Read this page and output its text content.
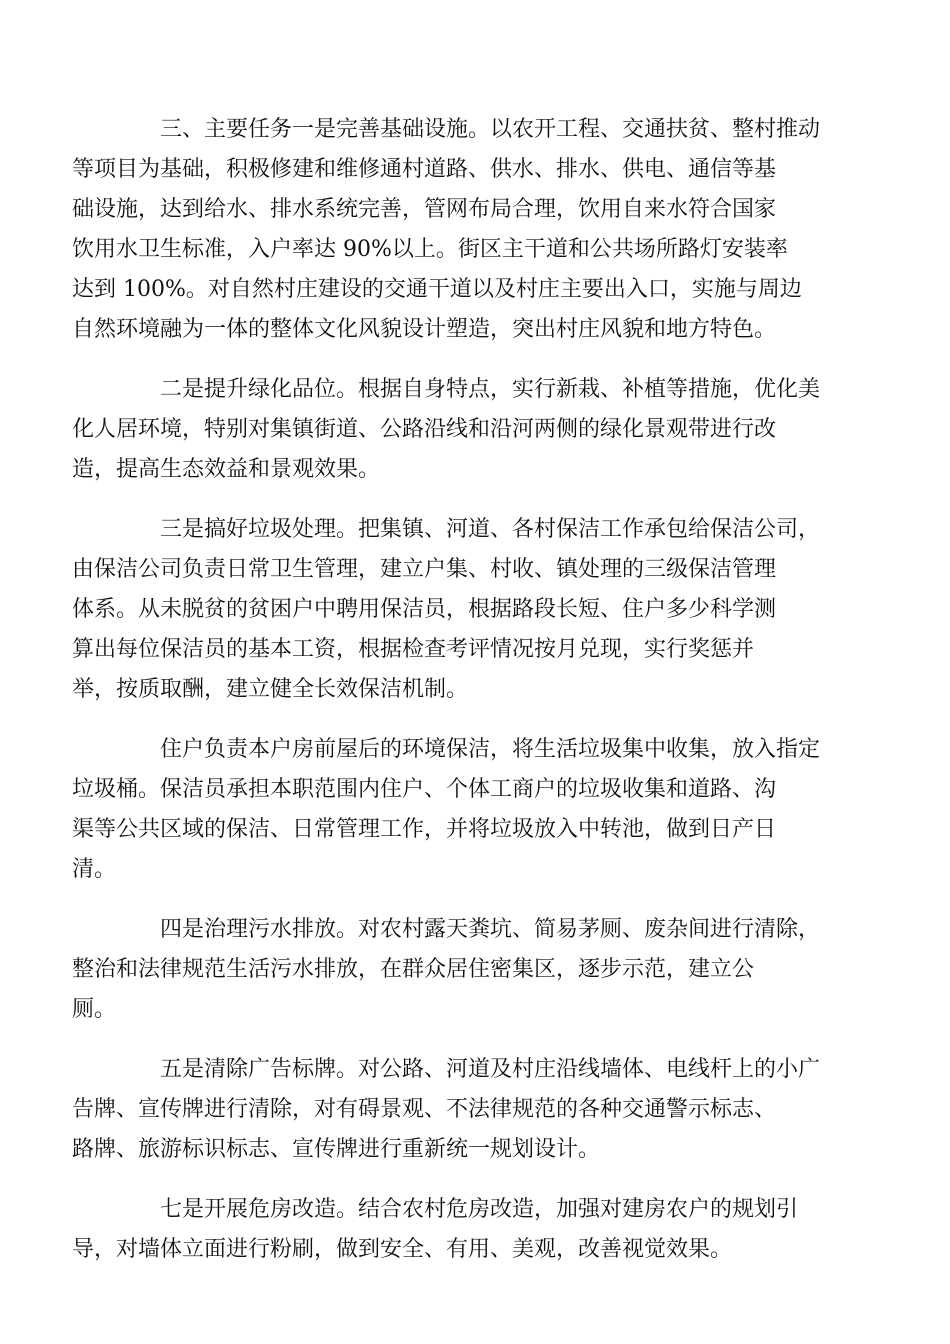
三、主要任务一是完善基础设施。以农开工程、交通扶贫、整村推动
等项目为基础，积极修建和维修通村道路、供水、排水、供电、通信等基
础设施，达到给水、排水系统完善，管网布局合理，饮用自来水符合国家
饮用水卫生标准，入户率达 90%以上。街区主干道和公共场所路灯安装率
达到 100%。对自然村庄建设的交通干道以及村庄主要出入口，实施与周边
自然环境融为一体的整体文化风貌设计塑造，突出村庄风貌和地方特色。

二是提升绿化品位。根据自身特点，实行新栽、补植等措施，优化美
化人居环境，特别对集镇街道、公路沿线和沿河两侧的绿化景观带进行改
造，提高生态效益和景观效果。

三是搞好垃圾处理。把集镇、河道、各村保洁工作承包给保洁公司，
由保洁公司负责日常卫生管理，建立户集、村收、镇处理的三级保洁管理
体系。从未脱贫的贫困户中聘用保洁员，根据路段长短、住户多少科学测
算出每位保洁员的基本工资，根据检查考评情况按月兑现，实行奖惩并
举，按质取酬，建立健全长效保洁机制。

住户负责本户房前屋后的环境保洁，将生活垃圾集中收集，放入指定
垃圾桶。保洁员承担本职范围内住户、个体工商户的垃圾收集和道路、沟
渠等公共区域的保洁、日常管理工作，并将垃圾放入中转池，做到日产日
清。

四是治理污水排放。对农村露天粪坑、简易茅厕、废杂间进行清除，
整治和法律规范生活污水排放，在群众居住密集区，逐步示范，建立公
厕。

五是清除广告标牌。对公路、河道及村庄沿线墙体、电线杆上的小广
告牌、宣传牌进行清除，对有碍景观、不法律规范的各种交通警示标志、
路牌、旅游标识标志、宣传牌进行重新统一规划设计。

七是开展危房改造。结合农村危房改造，加强对建房农户的规划引
导，对墙体立面进行粉刷，做到安全、有用、美观，改善视觉效果。
